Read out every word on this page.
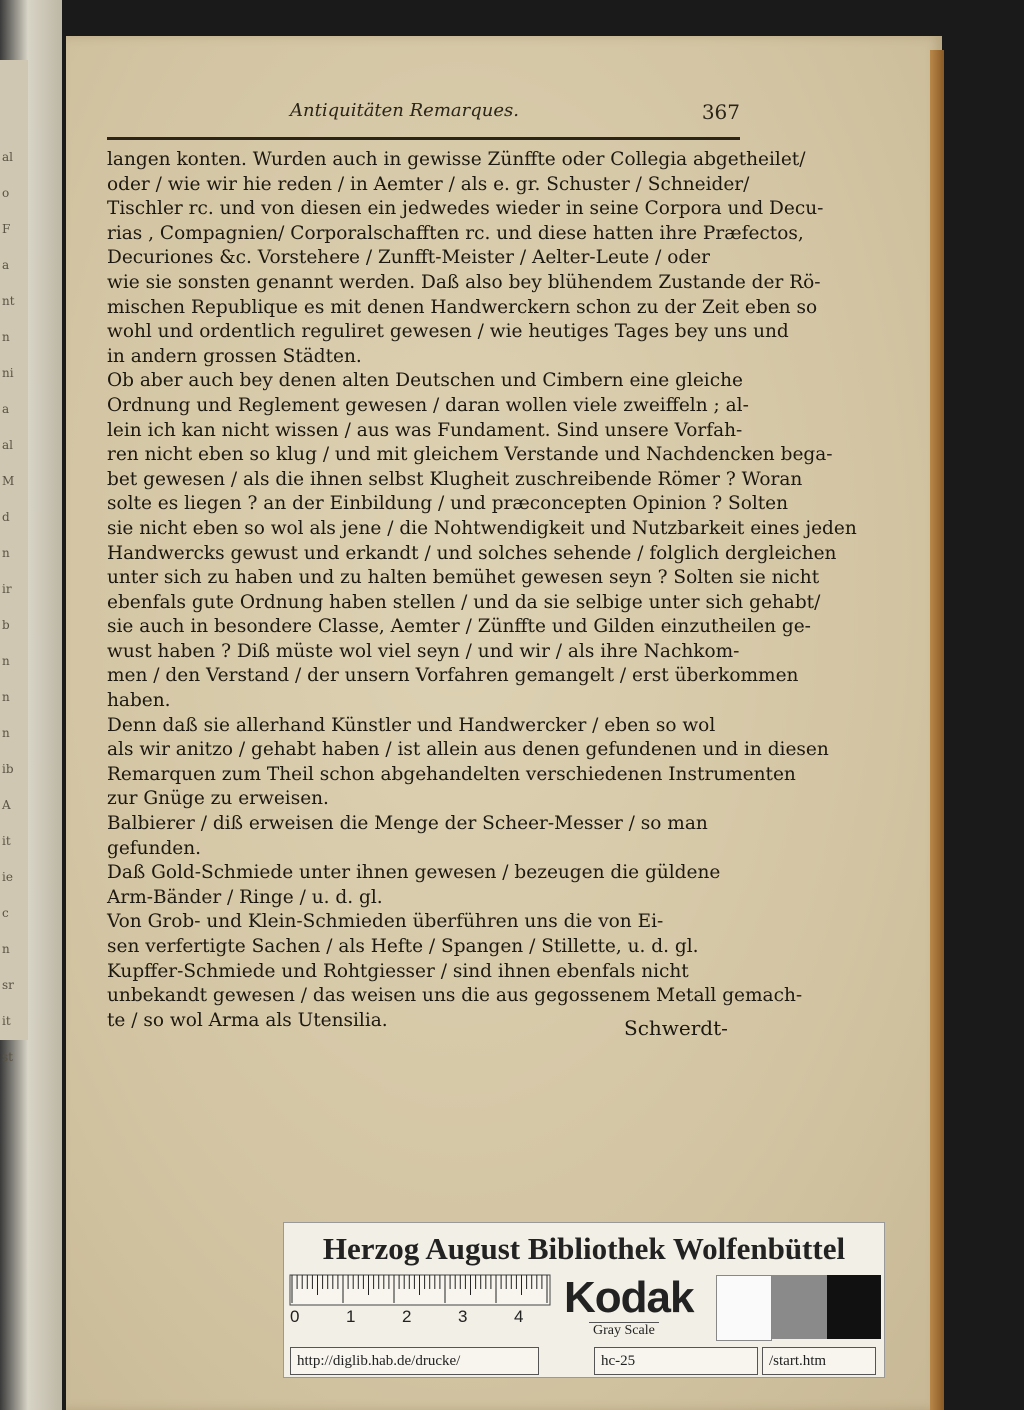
al
o
F
a
nt
n
ni
a
al
M
d
n
ir
b
n
n
n
ib
A
it
ie
c
n
sr
it
st
Antiquitäten Remarques.	367
langen konten. Wurden auch in gewisse Zünffte oder Collegia abgetheilet/
oder / wie wir hie reden / in Aemter / als e. gr. Schuster / Schneider/
Tischler rc. und von diesen ein jedwedes wieder in seine Corpora und Decu-
rias , Compagnien/ Corporalschafften rc. und diese hatten ihre Præfectos,
Decuriones &c. Vorstehere / Zunfft-Meister / Aelter-Leute / oder
wie sie sonsten genannt werden. Daß also bey blühendem Zustande der Rö-
mischen Republique es mit denen Handwerckern schon zu der Zeit eben so
wohl und ordentlich reguliret gewesen / wie heutiges Tages bey uns und
in andern grossen Städten.
Ob aber auch bey denen alten Deutschen und Cimbern eine gleiche
Ordnung und Reglement gewesen / daran wollen viele zweiffeln ; al-
lein ich kan nicht wissen / aus was Fundament. Sind unsere Vorfah-
ren nicht eben so klug / und mit gleichem Verstande und Nachdencken bega-
bet gewesen / als die ihnen selbst Klugheit zuschreibende Römer ? Woran
solte es liegen ? an der Einbildung / und præconcepten Opinion ? Solten
sie nicht eben so wol als jene / die Nohtwendigkeit und Nutzbarkeit eines jeden
Handwercks gewust und erkandt / und solches sehende / folglich dergleichen
unter sich zu haben und zu halten bemühet gewesen seyn ? Solten sie nicht
ebenfals gute Ordnung haben stellen / und da sie selbige unter sich gehabt/
sie auch in besondere Classe, Aemter / Zünffte und Gilden einzutheilen ge-
wust haben ? Diß müste wol viel seyn / und wir / als ihre Nachkom-
men / den Verstand / der unsern Vorfahren gemangelt / erst überkommen
haben.
Denn daß sie allerhand Künstler und Handwercker / eben so wol
als wir anitzo / gehabt haben / ist allein aus denen gefundenen und in diesen
Remarquen zum Theil schon abgehandelten verschiedenen Instrumenten
zur Gnüge zu erweisen.
Balbierer / diß erweisen die Menge der Scheer-Messer / so man
gefunden.
Daß Gold-Schmiede unter ihnen gewesen / bezeugen die güldene
Arm-Bänder / Ringe / u. d. gl.
Von Grob- und Klein-Schmieden überführen uns die von Ei-
sen verfertigte Sachen / als Hefte / Spangen / Stillette, u. d. gl.
Kupffer-Schmiede und Rohtgiesser / sind ihnen ebenfals nicht
unbekandt gewesen / das weisen uns die aus gegossenem Metall gemach-
te / so wol Arma als Utensilia.	Schwerdt-
Herzog August Bibliothek Wolfenbüttel
0	1	2	3	4 Kodak
Gray Scale
http://diglib.hab.de/drucke/	hc-25	/start.htm
